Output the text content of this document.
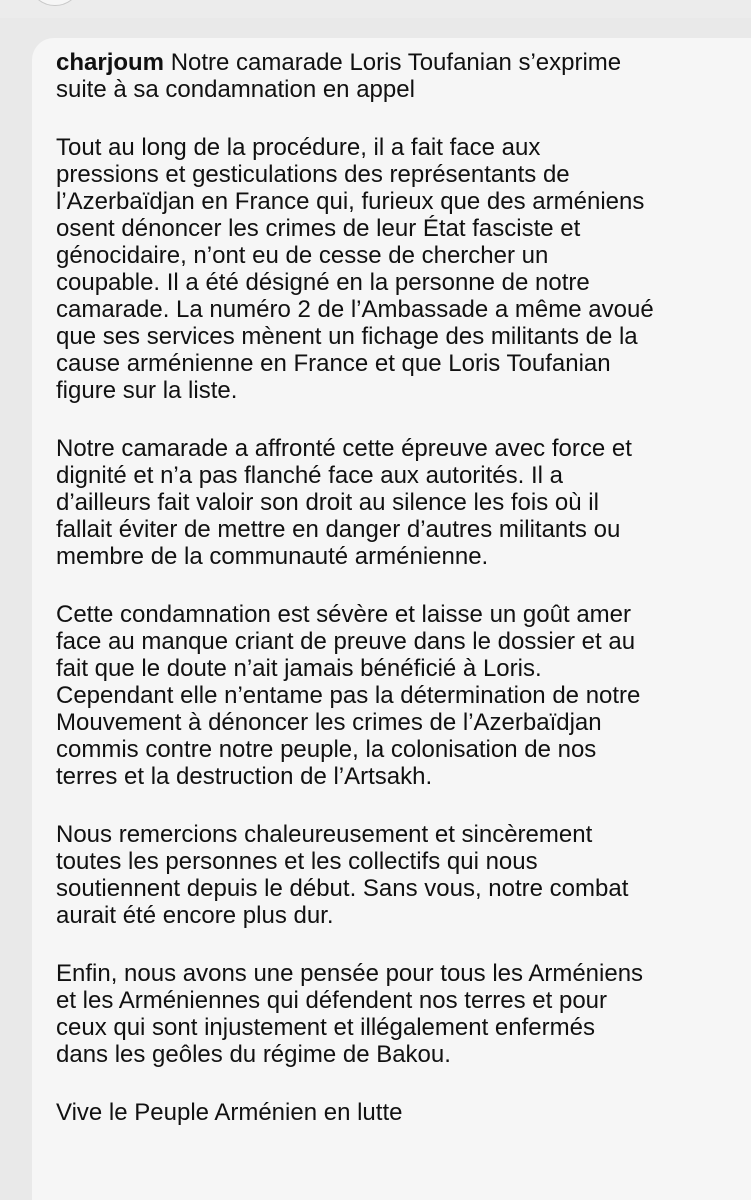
charjoum Notre camarade Loris Toufanian s’exprime
suite à sa condamnation en appel

Tout au long de la procédure, il a fait face aux
pressions et gesticulations des représentants de
l’Azerbaïdjan en France qui, furieux que des arméniens
osent dénoncer les crimes de leur État fasciste et
génocidaire, n’ont eu de cesse de chercher un
coupable. Il a été désigné en la personne de notre
camarade. La numéro 2 de l’Ambassade a même avoué
que ses services mènent un fichage des militants de la
cause arménienne en France et que Loris Toufanian
figure sur la liste.

Notre camarade a affronté cette épreuve avec force et
dignité et n’a pas flanché face aux autorités. Il a
d’ailleurs fait valoir son droit au silence les fois où il
fallait éviter de mettre en danger d’autres militants ou
membre de la communauté arménienne.

Cette condamnation est sévère et laisse un goût amer
face au manque criant de preuve dans le dossier et au
fait que le doute n’ait jamais bénéficié à Loris.
Cependant elle n’entame pas la détermination de notre
Mouvement à dénoncer les crimes de l’Azerbaïdjan
commis contre notre peuple, la colonisation de nos
terres et la destruction de l’Artsakh.

Nous remercions chaleureusement et sincèrement
toutes les personnes et les collectifs qui nous
soutiennent depuis le début. Sans vous, notre combat
aurait été encore plus dur.

Enfin, nous avons une pensée pour tous les Arméniens
et les Arméniennes qui défendent nos terres et pour
ceux qui sont injustement et illégalement enfermés
dans les geôles du régime de Bakou.

Vive le Peuple Arménien en lutte
